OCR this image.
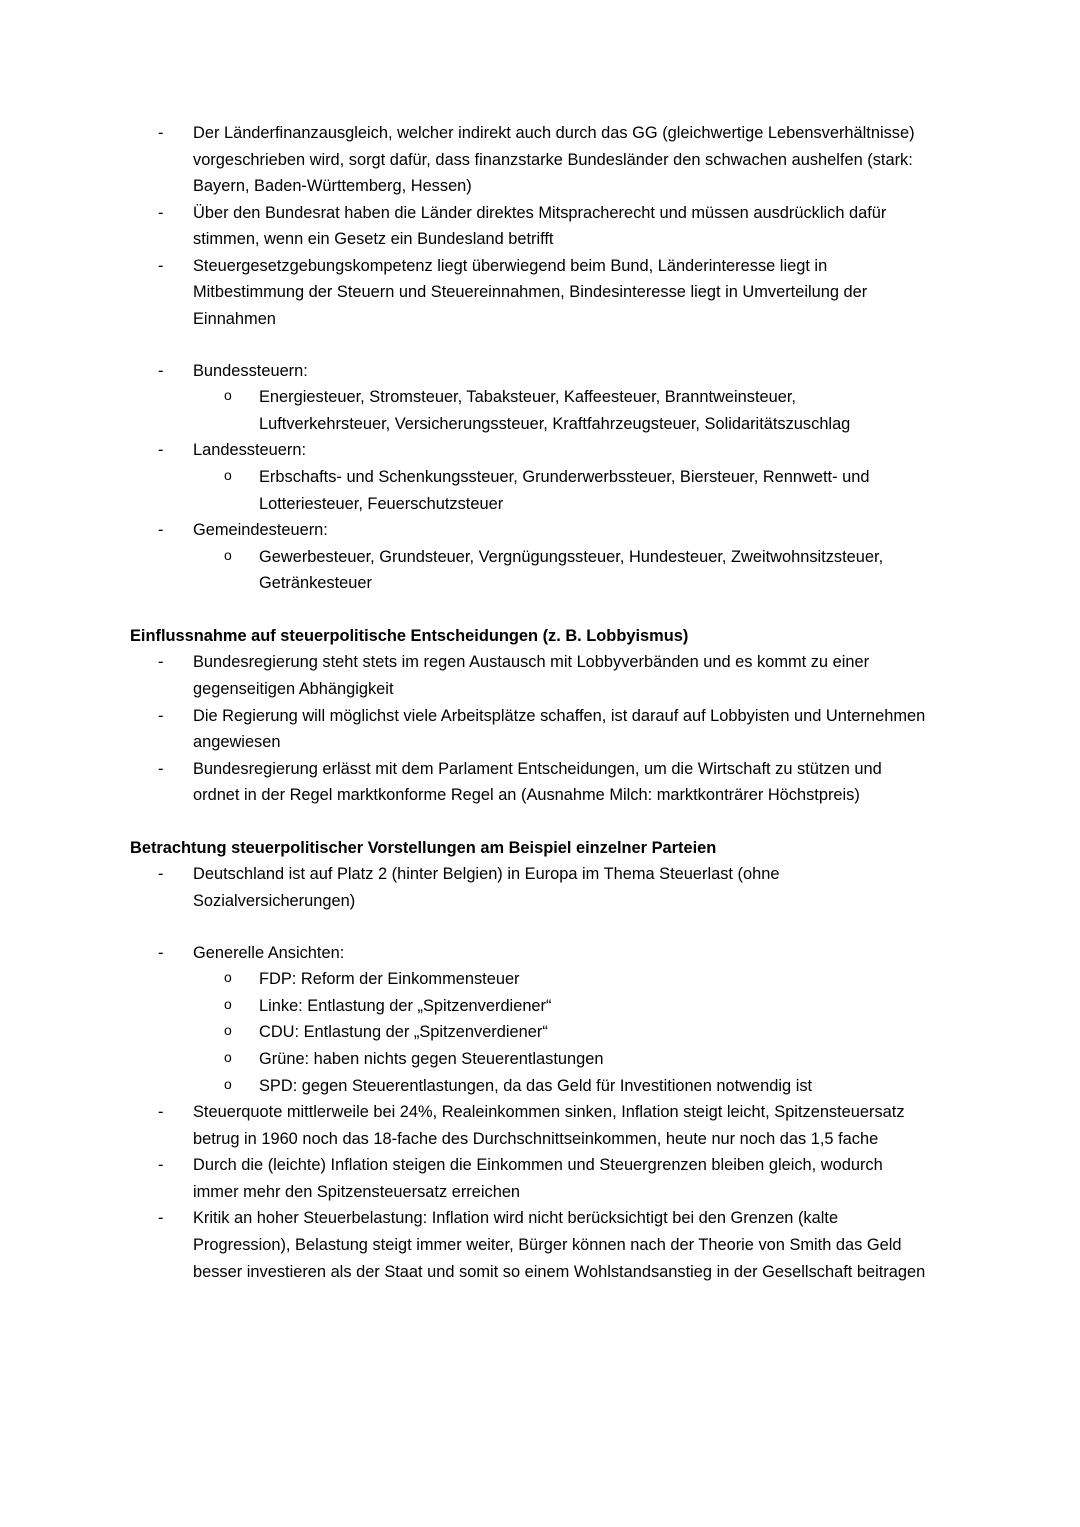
- Der Länderfinanzausgleich, welcher indirekt auch durch das GG (gleichwertige Lebensverhältnisse) vorgeschrieben wird, sorgt dafür, dass finanzstarke Bundesländer den schwachen aushelfen (stark: Bayern, Baden-Württemberg, Hessen)
- Über den Bundesrat haben die Länder direktes Mitspracherecht und müssen ausdrücklich dafür stimmen, wenn ein Gesetz ein Bundesland betrifft
- Steuergesetzgebungskompetenz liegt überwiegend beim Bund, Länderinteresse liegt in Mitbestimmung der Steuern und Steuereinnahmen, Bindesinteresse liegt in Umverteilung der Einnahmen
- Bundessteuern:
o Energiesteuer, Stromsteuer, Tabaksteuer, Kaffeesteuer, Branntweinsteuer, Luftverkehrsteuer, Versicherungssteuer, Kraftfahrzeugsteuer, Solidaritätszuschlag
- Landessteuern:
o Erbschafts- und Schenkungssteuer, Grunderwerbssteuer, Biersteuer, Rennwett- und Lotteriesteuer, Feuerschutzsteuer
- Gemeindesteuern:
o Gewerbesteuer, Grundsteuer, Vergnügungssteuer, Hundesteuer, Zweitwohnsitzsteuer, Getränkesteuer
Einflussnahme auf steuerpolitische Entscheidungen (z. B. Lobbyismus)
- Bundesregierung steht stets im regen Austausch mit Lobbyverbänden und es kommt zu einer gegenseitigen Abhängigkeit
- Die Regierung will möglichst viele Arbeitsplätze schaffen, ist darauf auf Lobbyisten und Unternehmen angewiesen
- Bundesregierung erlässt mit dem Parlament Entscheidungen, um die Wirtschaft zu stützen und ordnet in der Regel marktkonforme Regel an (Ausnahme Milch: marktkonträrer Höchstpreis)
Betrachtung steuerpolitischer Vorstellungen am Beispiel einzelner Parteien
- Deutschland ist auf Platz 2 (hinter Belgien) in Europa im Thema Steuerlast (ohne Sozialversicherungen)
- Generelle Ansichten:
o FDP: Reform der Einkommensteuer
o Linke: Entlastung der „Spitzenverdiener“
o CDU: Entlastung der „Spitzenverdiener“
o Grüne: haben nichts gegen Steuerentlastungen
o SPD: gegen Steuerentlastungen, da das Geld für Investitionen notwendig ist
- Steuerquote mittlerweile bei 24%, Realeinkommen sinken, Inflation steigt leicht, Spitzensteuersatz betrug in 1960 noch das 18-fache des Durchschnittseinkommen, heute nur noch das 1,5 fache
- Durch die (leichte) Inflation steigen die Einkommen und Steuergrenzen bleiben gleich, wodurch immer mehr den Spitzensteuersatz erreichen
- Kritik an hoher Steuerbelastung: Inflation wird nicht berücksichtigt bei den Grenzen (kalte Progression), Belastung steigt immer weiter, Bürger können nach der Theorie von Smith das Geld besser investieren als der Staat und somit so einem Wohlstandsanstieg in der Gesellschaft beitragen
